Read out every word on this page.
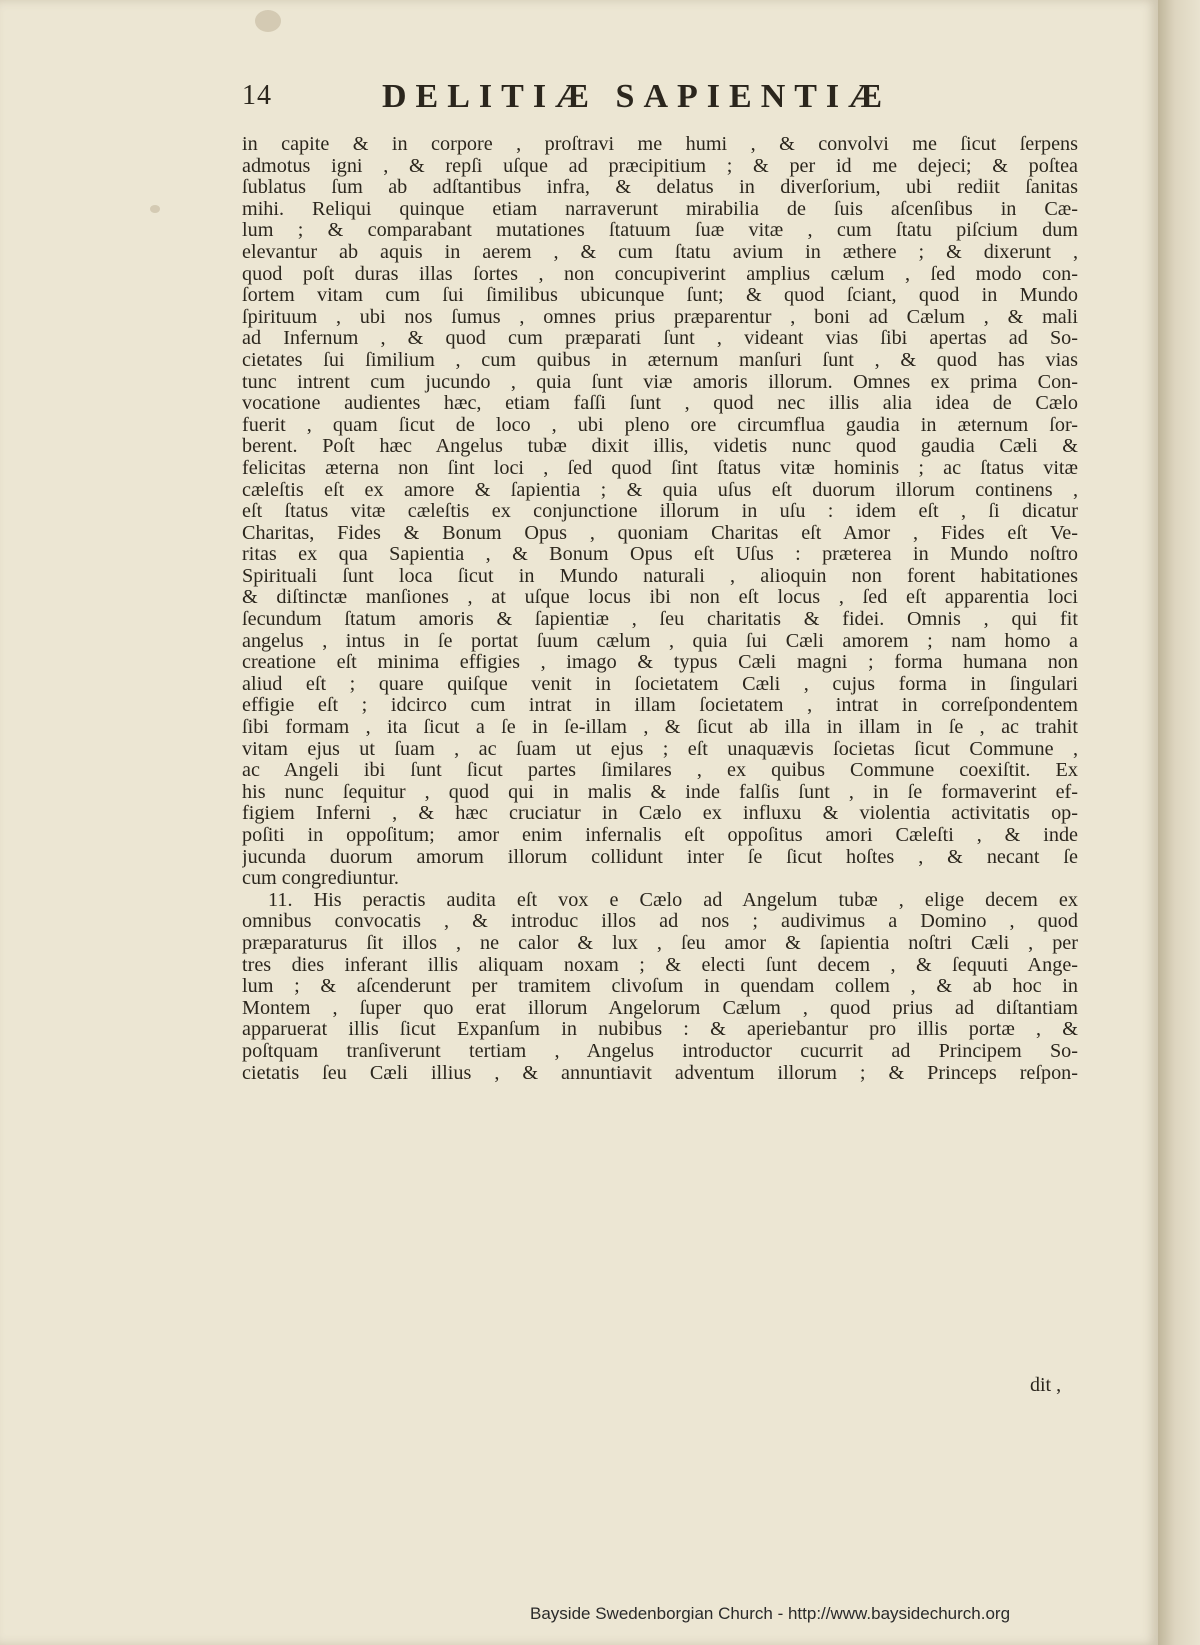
14	DELITIÆ SAPIENTIÆ
in capite & in corpore , proſtravi me humi , & convolvi me ſicut ſerpens
admotus igni , & repſi uſque ad præcipitium ; & per id me dejeci; & poſtea
ſublatus ſum ab adſtantibus infra, & delatus in diverſorium, ubi rediit ſanitas
mihi. Reliqui quinque etiam narraverunt mirabilia de ſuis aſcenſibus in Cæ-
lum ; & comparabant mutationes ſtatuum ſuæ vitæ , cum ſtatu piſcium dum
elevantur ab aquis in aerem , & cum ſtatu avium in æthere ; & dixerunt ,
quod poſt duras illas ſortes , non concupiverint amplius cælum , ſed modo con-
ſortem vitam cum ſui ſimilibus ubicunque ſunt; & quod ſciant, quod in Mundo
ſpirituum , ubi nos ſumus , omnes prius præparentur , boni ad Cælum , & mali
ad Infernum , & quod cum præparati ſunt , videant vias ſibi apertas ad So-
cietates ſui ſimilium , cum quibus in æternum manſuri ſunt , & quod has vias
tunc intrent cum jucundo , quia ſunt viæ amoris illorum. Omnes ex prima Con-
vocatione audientes hæc, etiam faſſi ſunt , quod nec illis alia idea de Cælo
fuerit , quam ſicut de loco , ubi pleno ore circumflua gaudia in æternum ſor-
berent. Poſt hæc Angelus tubæ dixit illis, videtis nunc quod gaudia Cæli &
felicitas æterna non ſint loci , ſed quod ſint ſtatus vitæ hominis ; ac ſtatus vitæ
cæleſtis eſt ex amore & ſapientia ; & quia uſus eſt duorum illorum continens ,
eſt ſtatus vitæ cæleſtis ex conjunctione illorum in uſu : idem eſt , ſi dicatur
Charitas, Fides & Bonum Opus , quoniam Charitas eſt Amor , Fides eſt Ve-
ritas ex qua Sapientia , & Bonum Opus eſt Uſus : præterea in Mundo noſtro
Spirituali ſunt loca ſicut in Mundo naturali , alioquin non forent habitationes
& diſtinctæ manſiones , at uſque locus ibi non eſt locus , ſed eſt apparentia loci
ſecundum ſtatum amoris & ſapientiæ , ſeu charitatis & fidei. Omnis , qui fit
angelus , intus in ſe portat ſuum cælum , quia ſui Cæli amorem ; nam homo a
creatione eſt minima effigies , imago & typus Cæli magni ; forma humana non
aliud eſt ; quare quiſque venit in ſocietatem Cæli , cujus forma in ſingulari
effigie eſt ; idcirco cum intrat in illam ſocietatem , intrat in correſpondentem
ſibi formam , ita ſicut a ſe in ſe-illam , & ſicut ab illa in illam in ſe , ac trahit
vitam ejus ut ſuam , ac ſuam ut ejus ; eſt unaquævis ſocietas ſicut Commune ,
ac Angeli ibi ſunt ſicut partes ſimilares , ex quibus Commune coexiſtit. Ex
his nunc ſequitur , quod qui in malis & inde falſis ſunt , in ſe formaverint ef-
figiem Inferni , & hæc cruciatur in Cælo ex influxu & violentia activitatis op-
poſiti in oppoſitum; amor enim infernalis eſt oppoſitus amori Cæleſti , & inde
jucunda duorum amorum illorum collidunt inter ſe ſicut hoſtes , & necant ſe
cum congrediuntur.
11. His peractis audita eſt vox e Cælo ad Angelum tubæ , elige decem ex
omnibus convocatis , & introduc illos ad nos ; audivimus a Domino , quod
præparaturus ſit illos , ne calor & lux , ſeu amor & ſapientia noſtri Cæli , per
tres dies inferant illis aliquam noxam ; & electi ſunt decem , & ſequuti Ange-
lum ; & aſcenderunt per tramitem clivoſum in quendam collem , & ab hoc in
Montem , ſuper quo erat illorum Angelorum Cælum , quod prius ad diſtantiam
apparuerat illis ſicut Expanſum in nubibus : & aperiebantur pro illis portæ , &
poſtquam tranſiverunt tertiam , Angelus introductor cucurrit ad Principem So-
cietatis ſeu Cæli illius , & annuntiavit adventum illorum ; & Princeps reſpon-
dit ,
Bayside Swedenborgian Church - http://www.baysidechurch.org
